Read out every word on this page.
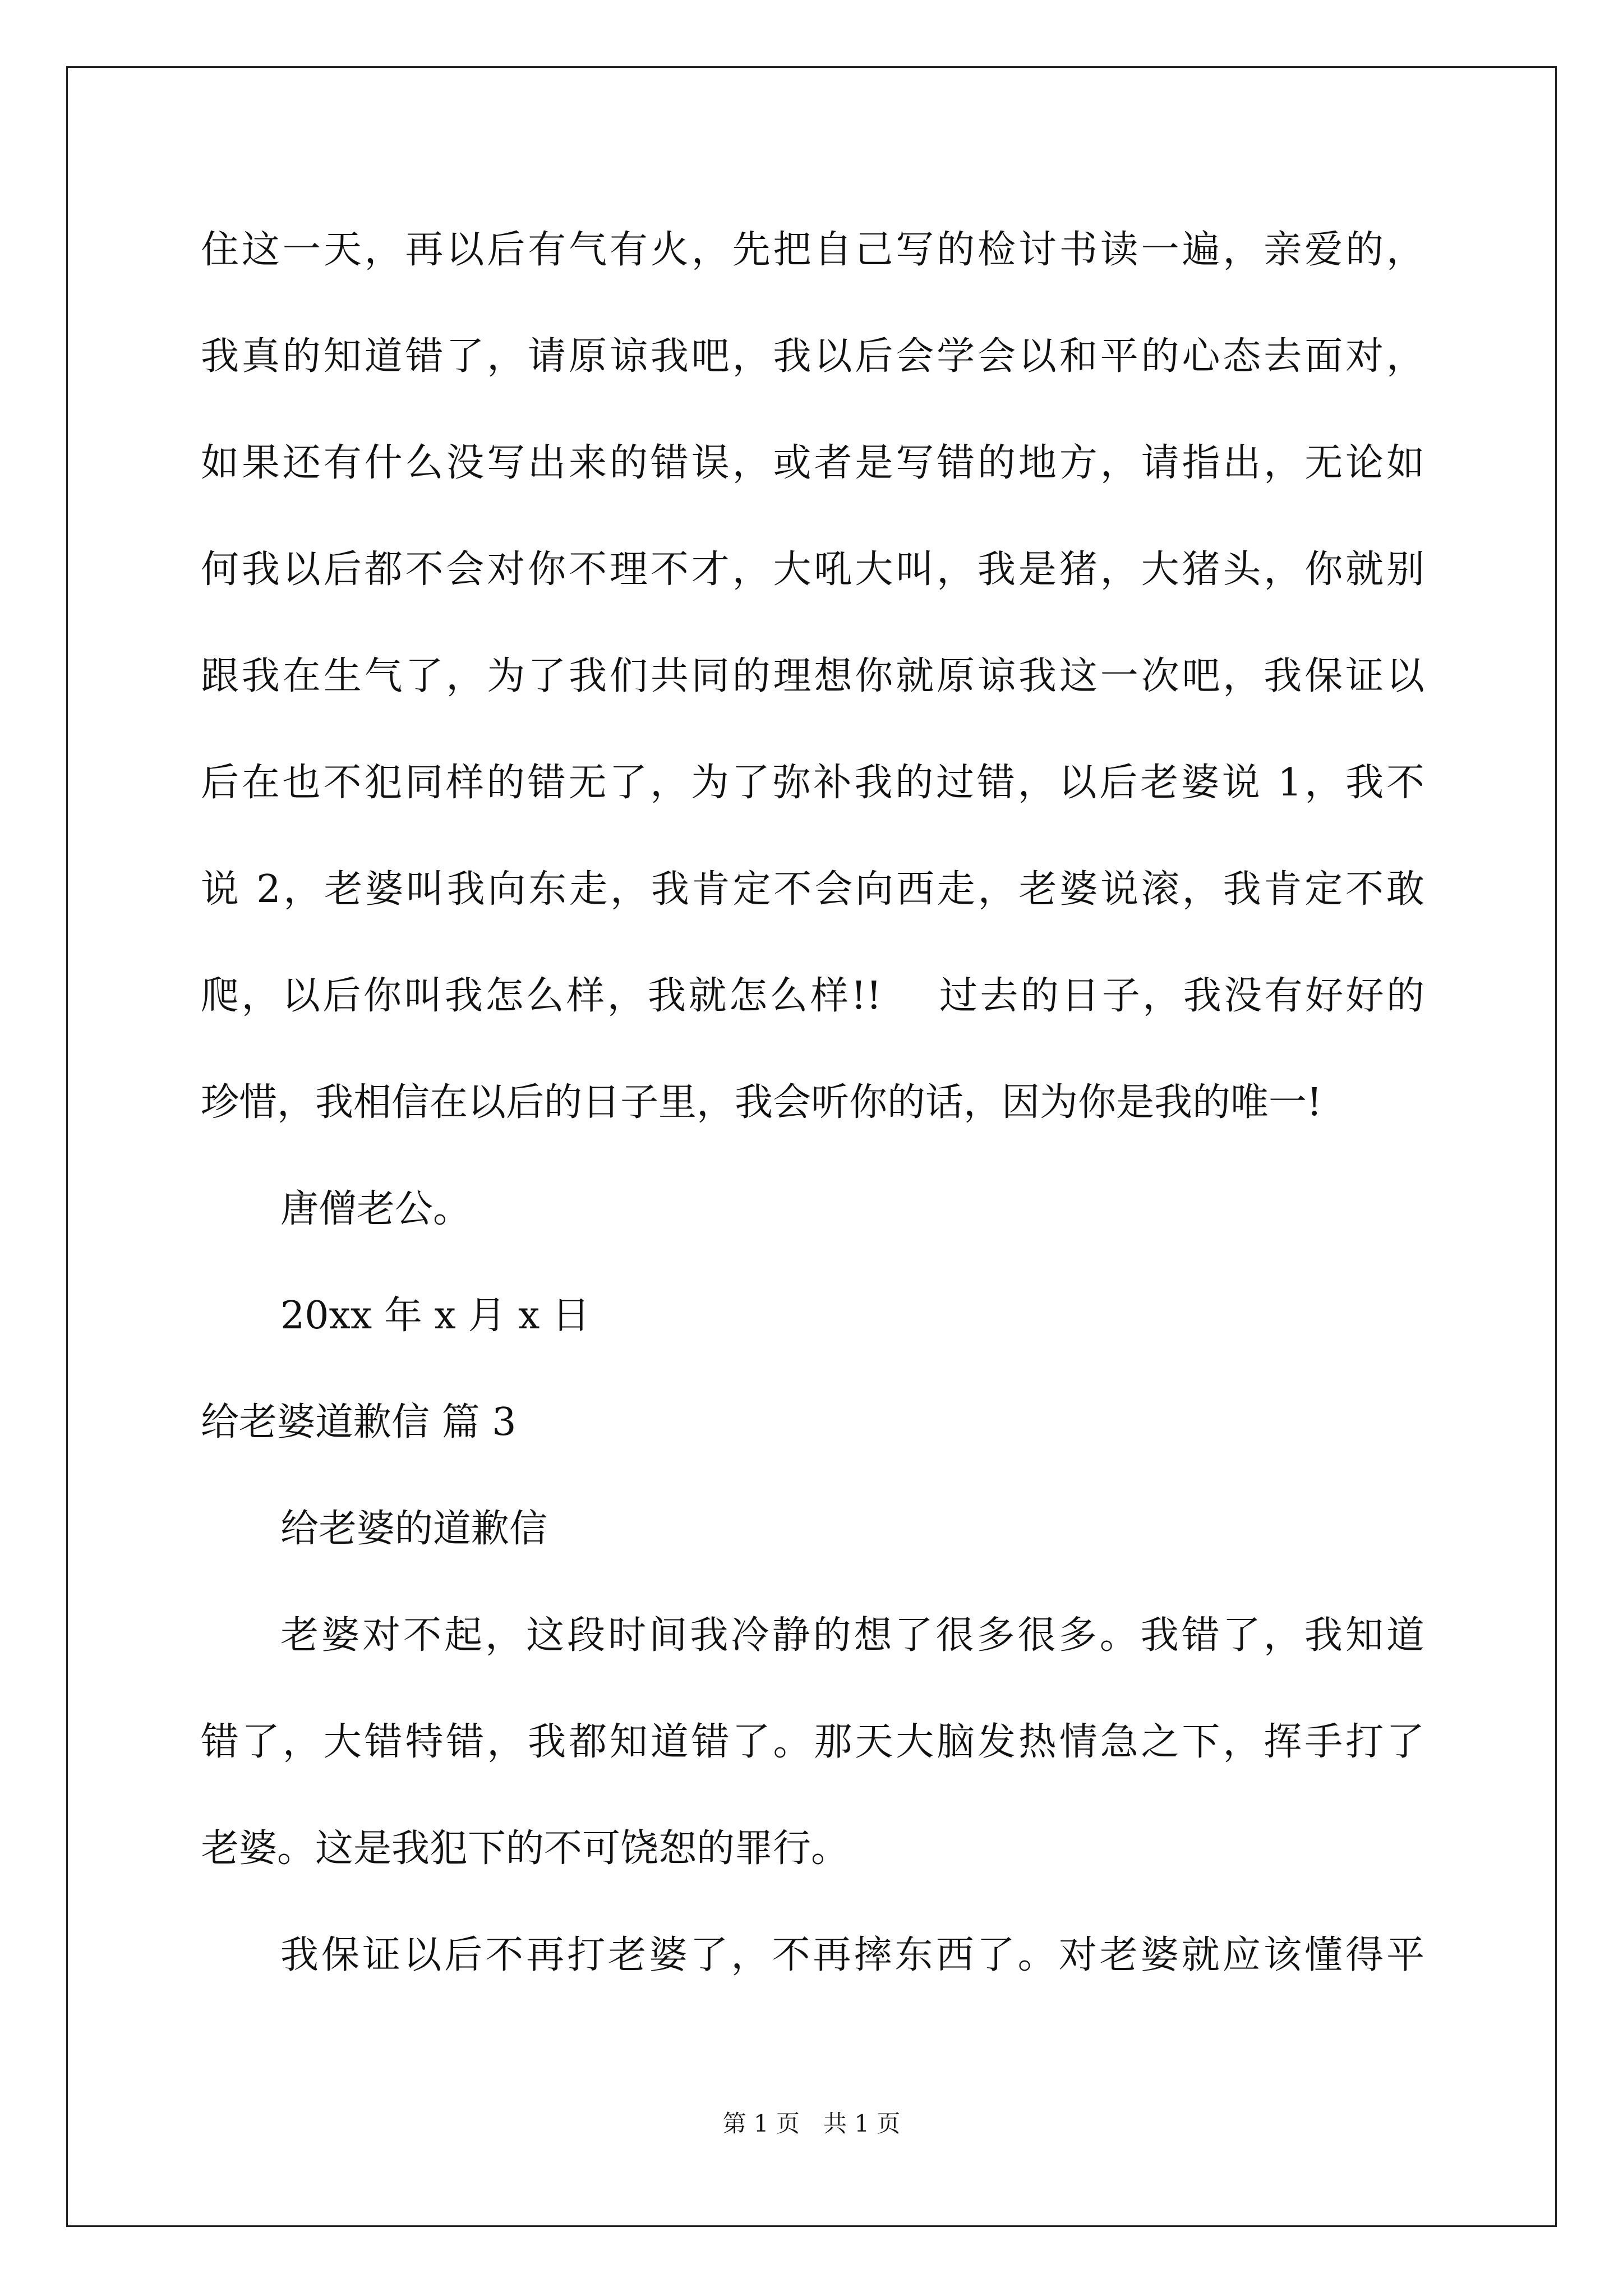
住这一天，再以后有气有火，先把自己写的检讨书读一遍，亲爱的，
我真的知道错了，请原谅我吧，我以后会学会以和平的心态去面对，
如果还有什么没写出来的错误，或者是写错的地方，请指出，无论如
何我以后都不会对你不理不才，大吼大叫，我是猪，大猪头，你就别
跟我在生气了，为了我们共同的理想你就原谅我这一次吧，我保证以
后在也不犯同样的错无了，为了弥补我的过错，以后老婆说 1，我不
说 2，老婆叫我向东走，我肯定不会向西走，老婆说滚，我肯定不敢
爬，以后你叫我怎么样，我就怎么样!!　 过去的日子，我没有好好的
珍惜，我相信在以后的日子里，我会听你的话，因为你是我的唯一!
唐僧老公。
20xx 年 x 月 x 日
给老婆道歉信 篇 3
给老婆的道歉信
老婆对不起，这段时间我冷静的想了很多很多。我错了，我知道
错了，大错特错，我都知道错了。那天大脑发热情急之下，挥手打了
老婆。这是我犯下的不可饶恕的罪行。
我保证以后不再打老婆了，不再摔东西了。对老婆就应该懂得平
第 1 页　共 1 页
